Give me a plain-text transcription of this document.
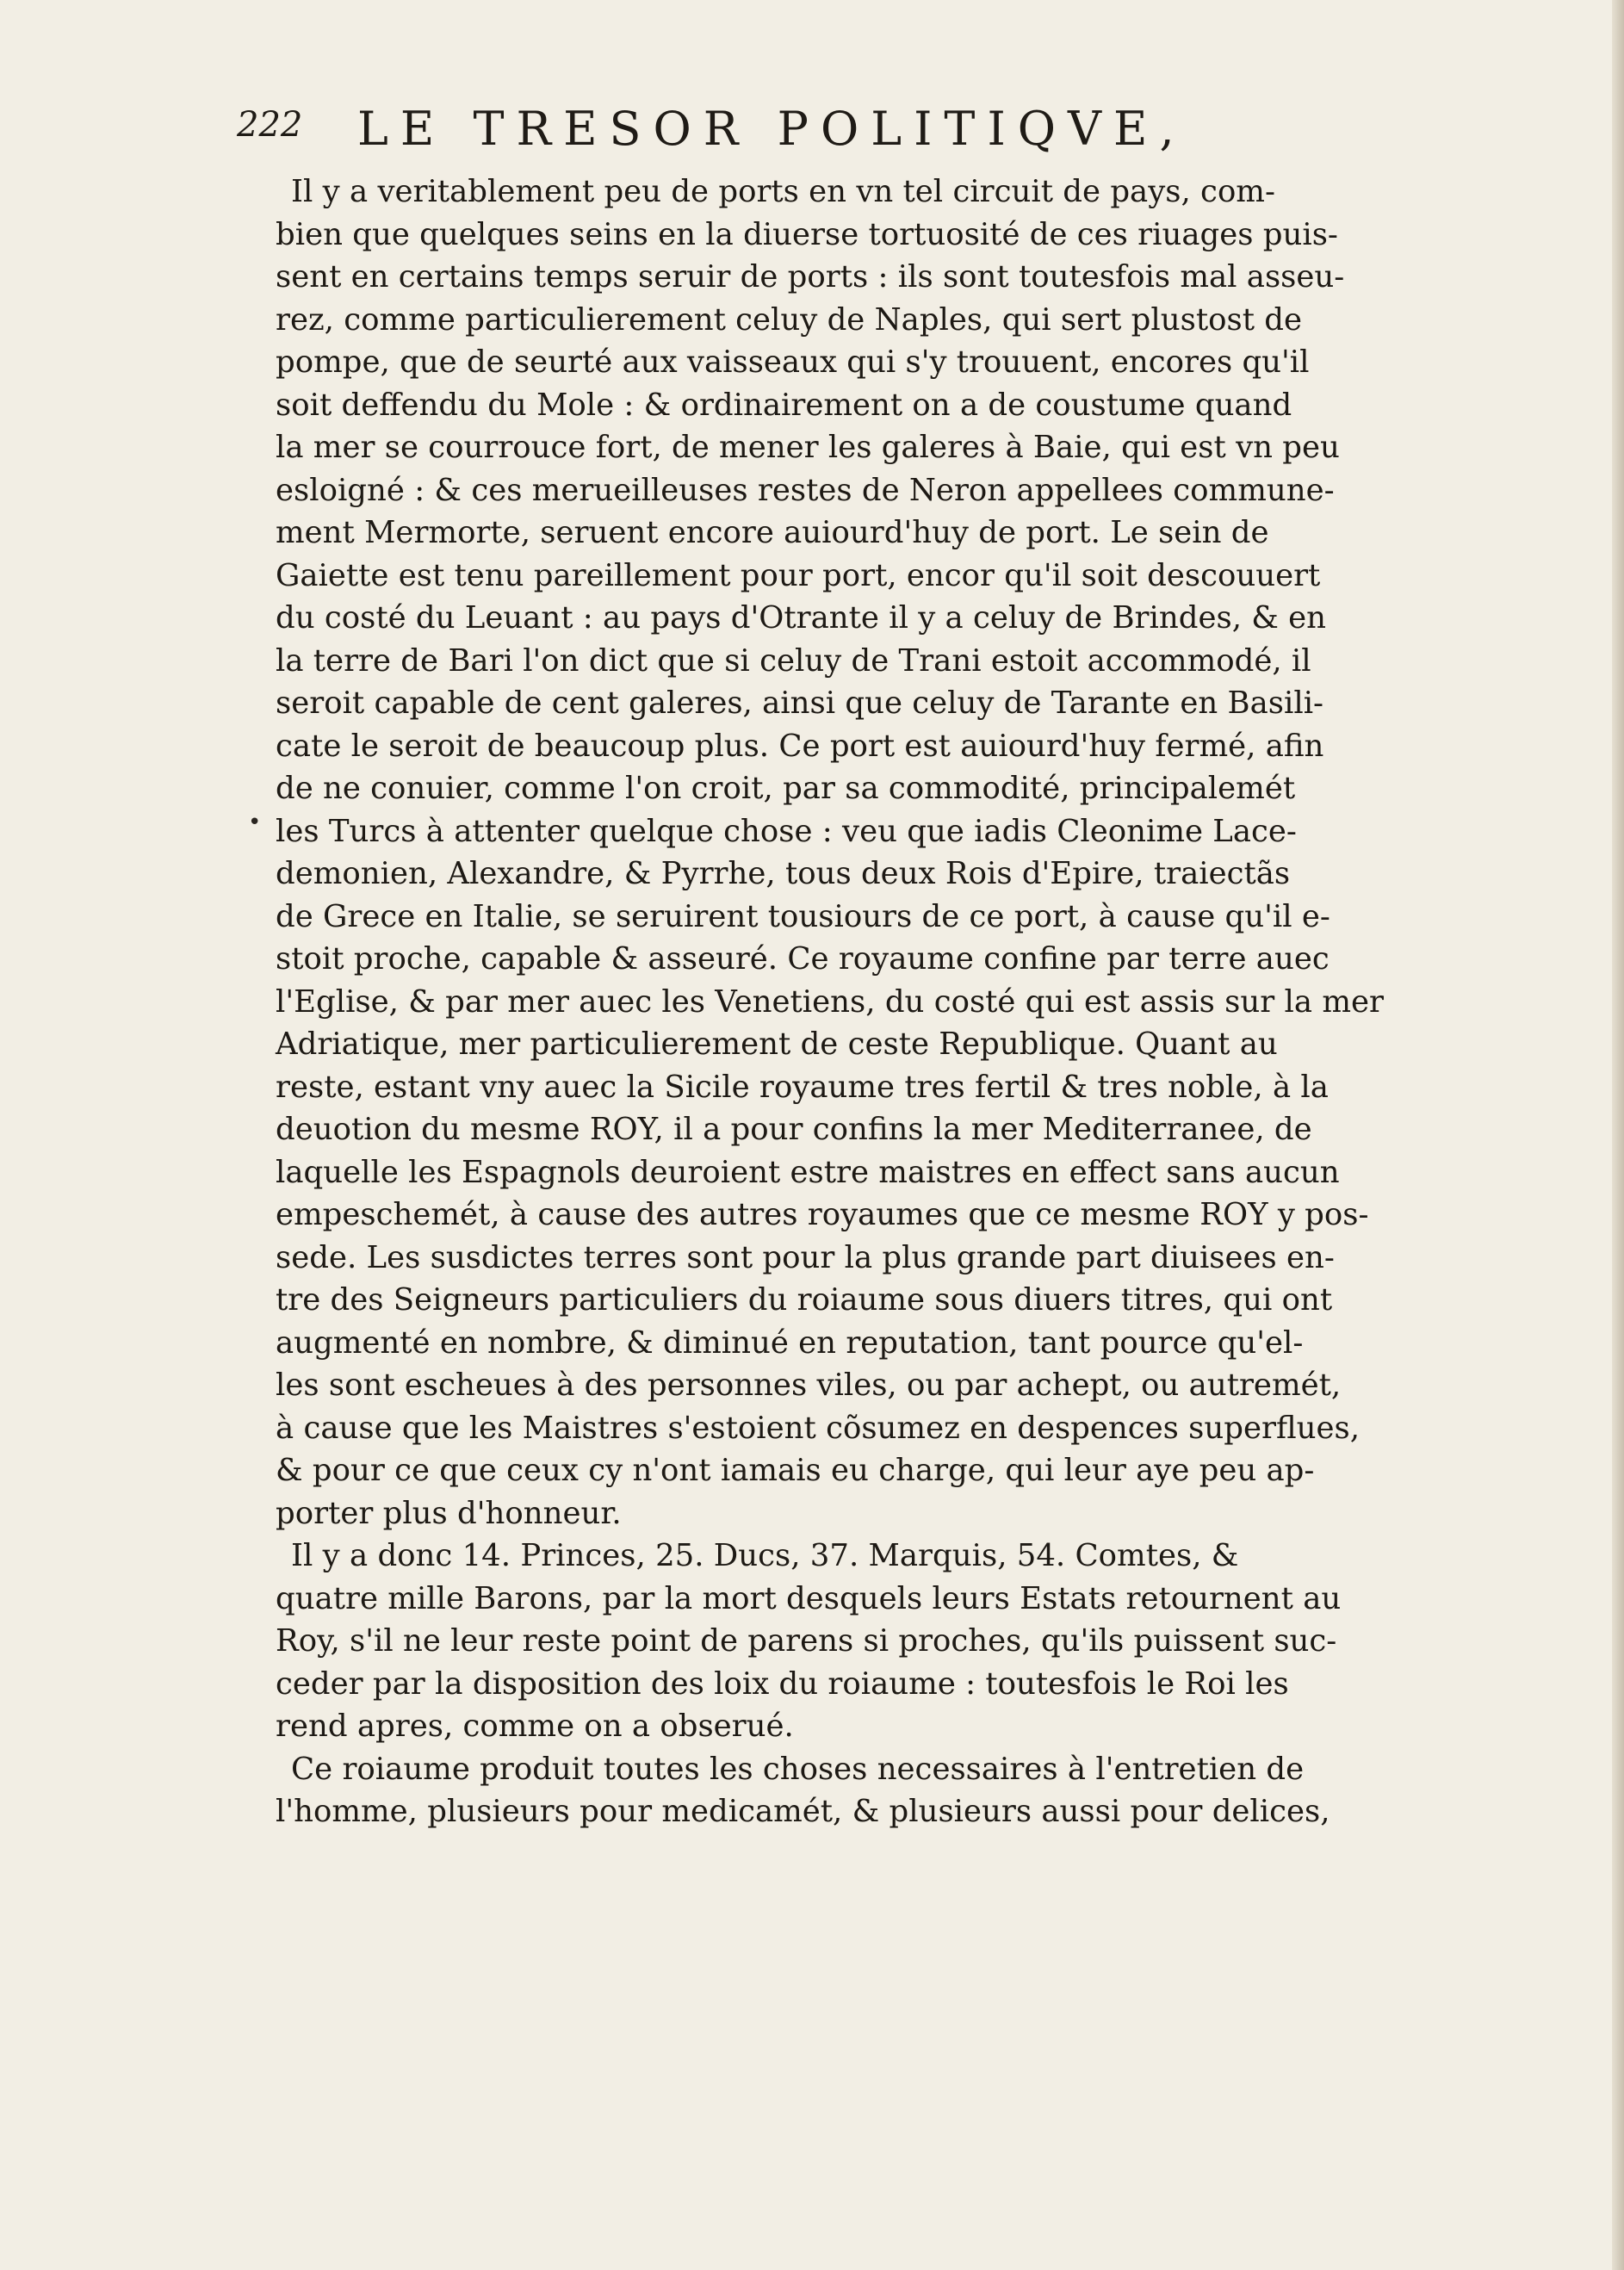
222 LE TRESOR POLITIQVE,
•
Il y a veritablement peu de ports en vn tel circuit de pays, com-
bien que quelques seins en la diuerse tortuosité de ces riuages puis-
sent en certains temps seruir de ports : ils sont toutesfois mal asseu-
rez, comme particulierement celuy de Naples, qui sert plustost de
pompe, que de seurté aux vaisseaux qui s'y trouuent, encores qu'il
soit deffendu du Mole : & ordinairement on a de coustume quand
la mer se courrouce fort, de mener les galeres à Baie, qui est vn peu
esloigné : & ces merueilleuses restes de Neron appellees commune-
ment Mermorte, seruent encore auiourd'huy de port. Le sein de
Gaiette est tenu pareillement pour port, encor qu'il soit descouuert
du costé du Leuant : au pays d'Otrante il y a celuy de Brindes, & en
la terre de Bari l'on dict que si celuy de Trani estoit accommodé, il
seroit capable de cent galeres, ainsi que celuy de Tarante en Basili-
cate le seroit de beaucoup plus. Ce port est auiourd'huy fermé, afin
de ne conuier, comme l'on croit, par sa commodité, principalemét
les Turcs à attenter quelque chose : veu que iadis Cleonime Lace-
demonien, Alexandre, & Pyrrhe, tous deux Rois d'Epire, traiectãs
de Grece en Italie, se seruirent tousiours de ce port, à cause qu'il e-
stoit proche, capable & asseuré. Ce royaume confine par terre auec
l'Eglise, & par mer auec les Venetiens, du costé qui est assis sur la mer
Adriatique, mer particulierement de ceste Republique. Quant au
reste, estant vny auec la Sicile royaume tres fertil & tres noble, à la
deuotion du mesme ROY, il a pour confins la mer Mediterranee, de
laquelle les Espagnols deuroient estre maistres en effect sans aucun
empeschemét, à cause des autres royaumes que ce mesme ROY y pos-
sede. Les susdictes terres sont pour la plus grande part diuisees en-
tre des Seigneurs particuliers du roiaume sous diuers titres, qui ont
augmenté en nombre, & diminué en reputation, tant pource qu'el-
les sont escheues à des personnes viles, ou par achept, ou autremét,
à cause que les Maistres s'estoient cõsumez en despences superflues,
& pour ce que ceux cy n'ont iamais eu charge, qui leur aye peu ap-
porter plus d'honneur.
Il y a donc 14. Princes, 25. Ducs, 37. Marquis, 54. Comtes, &
quatre mille Barons, par la mort desquels leurs Estats retournent au
Roy, s'il ne leur reste point de parens si proches, qu'ils puissent suc-
ceder par la disposition des loix du roiaume : toutesfois le Roi les
rend apres, comme on a obserué.
Ce roiaume produit toutes les choses necessaires à l'entretien de
l'homme, plusieurs pour medicamét, & plusieurs aussi pour delices,
